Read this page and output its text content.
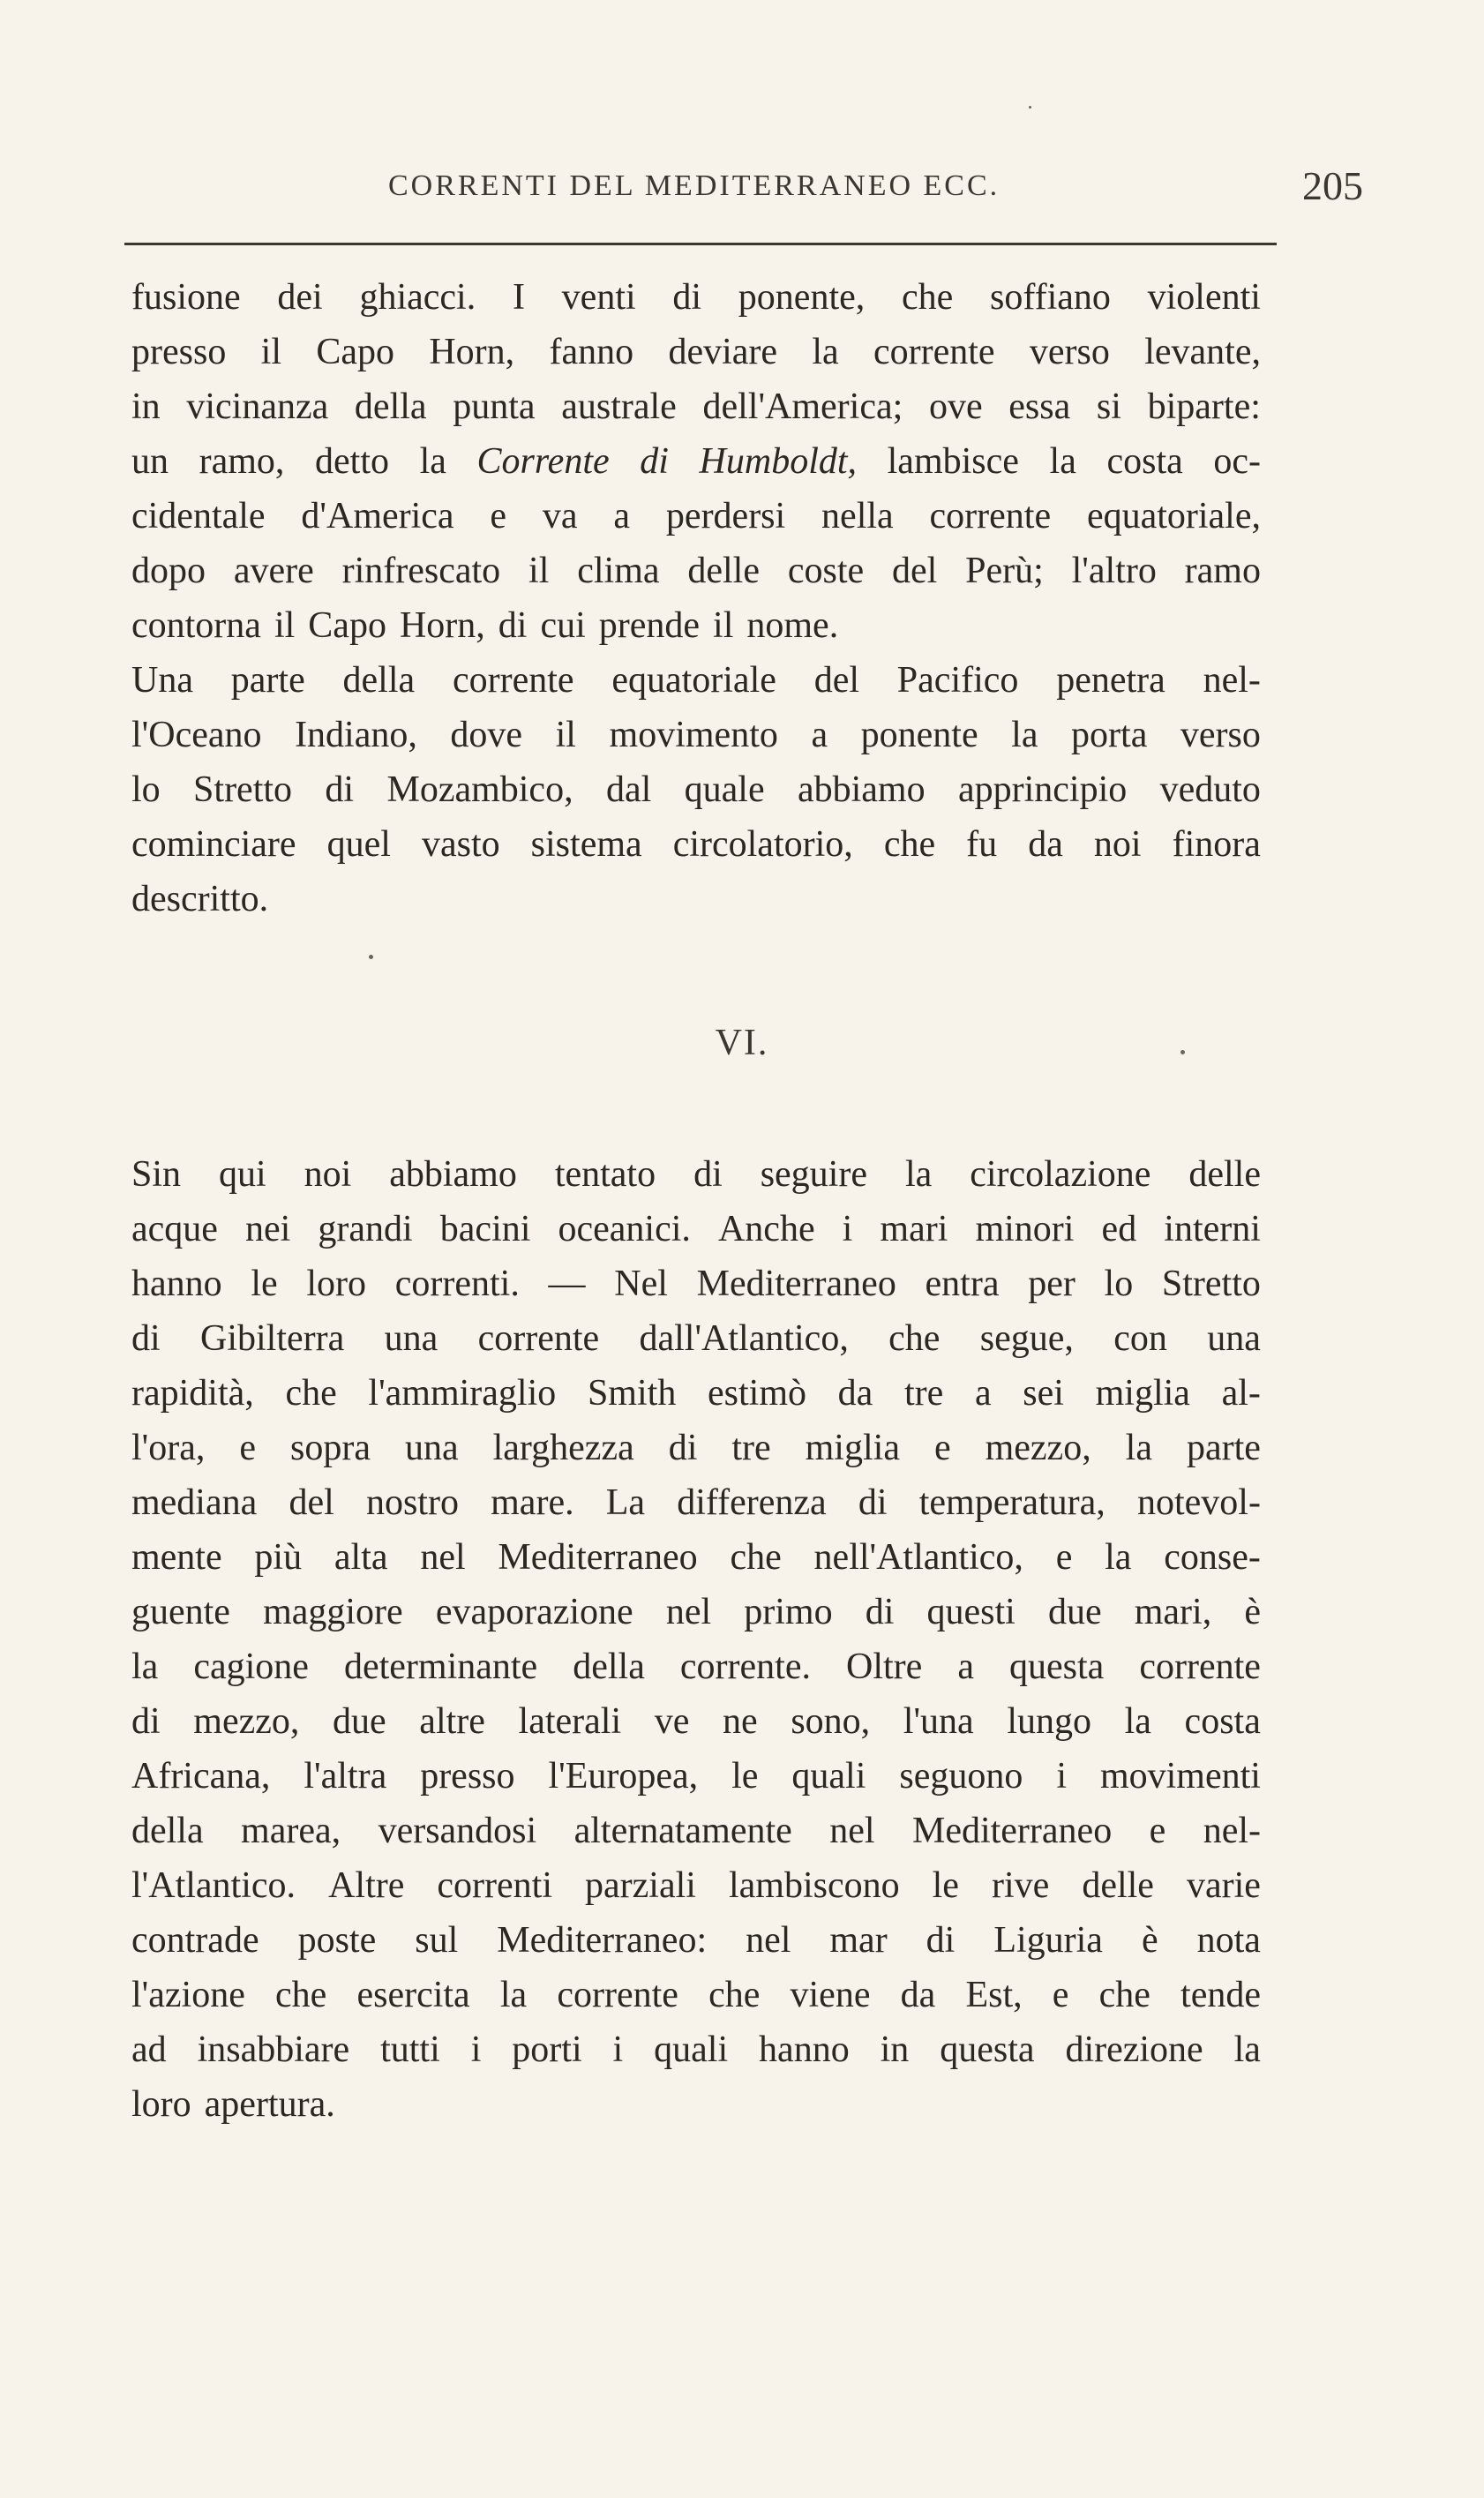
CORRENTI DEL MEDITERRANEO ECC.	205
fusione dei ghiacci. I venti di ponente, che soffiano violenti
presso il Capo Horn, fanno deviare la corrente verso levante,
in vicinanza della punta australe dell'America; ove essa si biparte:
un ramo, detto la Corrente di Humboldt, lambisce la costa oc-
cidentale d'America e va a perdersi nella corrente equatoriale,
dopo avere rinfrescato il clima delle coste del Perù; l'altro ramo
contorna il Capo Horn, di cui prende il nome.
Una parte della corrente equatoriale del Pacifico penetra nel-
l'Oceano Indiano, dove il movimento a ponente la porta verso
lo Stretto di Mozambico, dal quale abbiamo apprincipio veduto
cominciare quel vasto sistema circolatorio, che fu da noi finora
descritto.
VI.
Sin qui noi abbiamo tentato di seguire la circolazione delle
acque nei grandi bacini oceanici. Anche i mari minori ed interni
hanno le loro correnti. — Nel Mediterraneo entra per lo Stretto
di Gibilterra una corrente dall'Atlantico, che segue, con una
rapidità, che l'ammiraglio Smith estimò da tre a sei miglia al-
l'ora, e sopra una larghezza di tre miglia e mezzo, la parte
mediana del nostro mare. La differenza di temperatura, notevol-
mente più alta nel Mediterraneo che nell'Atlantico, e la conse-
guente maggiore evaporazione nel primo di questi due mari, è
la cagione determinante della corrente. Oltre a questa corrente
di mezzo, due altre laterali ve ne sono, l'una lungo la costa
Africana, l'altra presso l'Europea, le quali seguono i movimenti
della marea, versandosi alternatamente nel Mediterraneo e nel-
l'Atlantico. Altre correnti parziali lambiscono le rive delle varie
contrade poste sul Mediterraneo: nel mar di Liguria è nota
l'azione che esercita la corrente che viene da Est, e che tende
ad insabbiare tutti i porti i quali hanno in questa direzione la
loro apertura.
